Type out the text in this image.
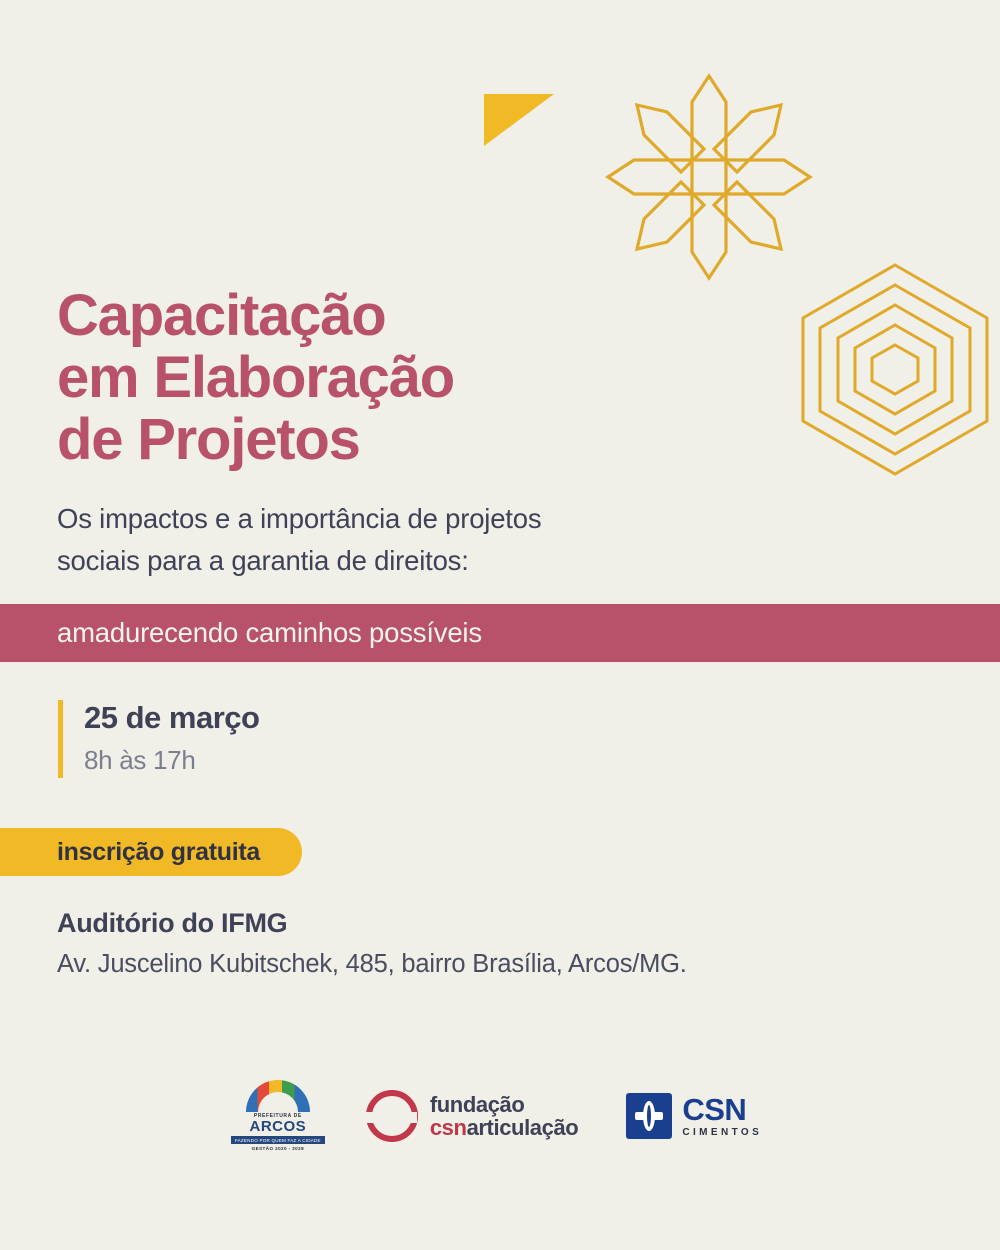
Capacitação
em Elaboração
de Projetos
Os impactos e a importância de projetos
sociais para a garantia de direitos:
amadurecendo caminhos possíveis
25 de março
8h às 17h
inscrição gratuita
Auditório do IFMG
Av. Juscelino Kubitschek, 485, bairro Brasília, Arcos/MG.
PREFEITURA DE
ARCOS
FAZENDO POR QUEM FAZ A CIDADE
GESTÃO 2020 - 2028
fundação
csnarticulação
CSN
CIMENTOS
